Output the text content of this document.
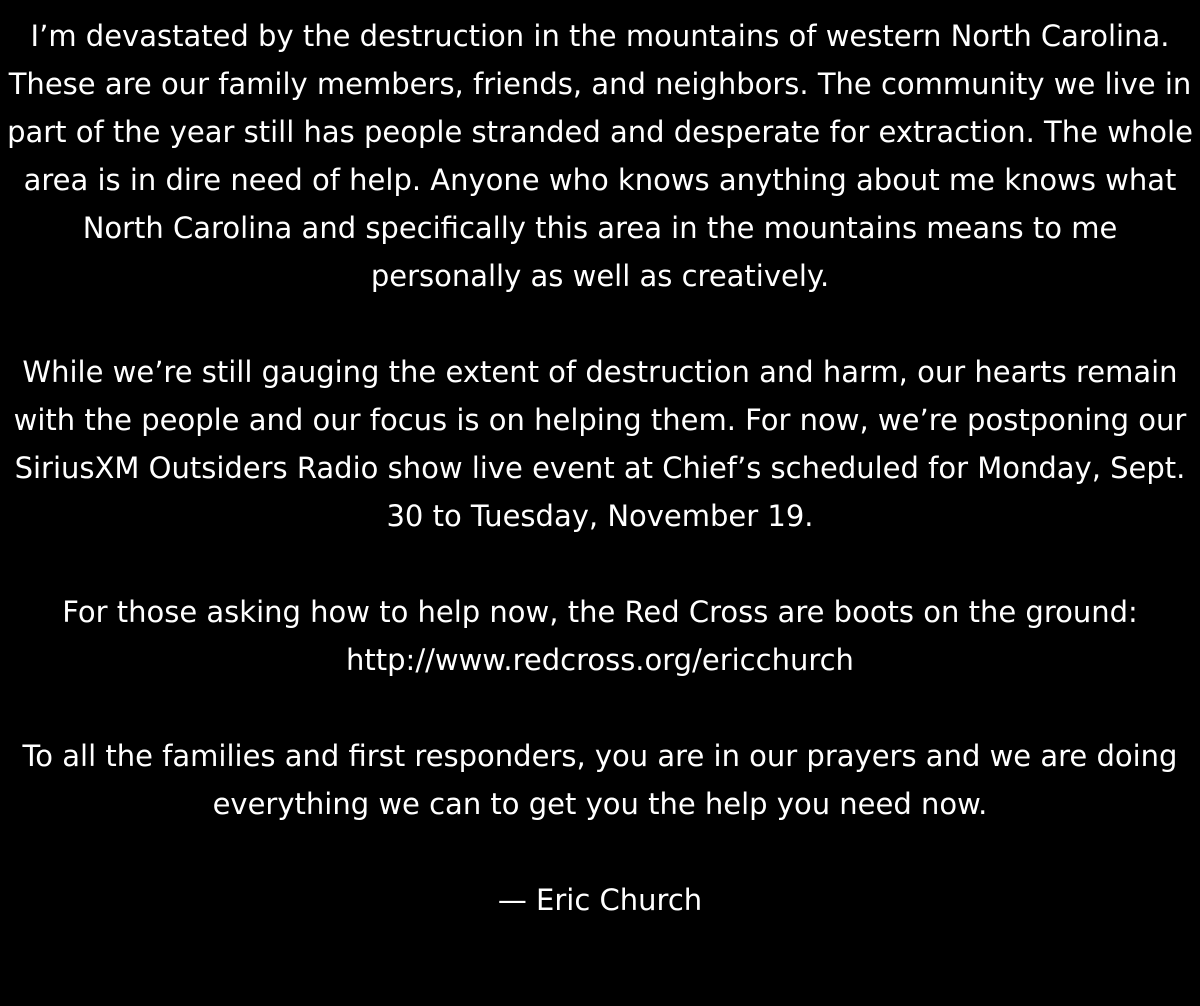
I’m devastated by the destruction in the mountains of western North Carolina. These are our family members, friends, and neighbors. The community we live in part of the year still has people stranded and desperate for extraction. The whole area is in dire need of help. Anyone who knows anything about me knows what North Carolina and specifically this area in the mountains means to me personally as well as creatively.

While we’re still gauging the extent of destruction and harm, our hearts remain with the people and our focus is on helping them. For now, we’re postponing our SiriusXM Outsiders Radio show live event at Chief’s scheduled for Monday, Sept. 30 to Tuesday, November 19.

For those asking how to help now, the Red Cross are boots on the ground: http://www.redcross.org/ericchurch

To all the families and first responders, you are in our prayers and we are doing everything we can to get you the help you need now.

— Eric Church
